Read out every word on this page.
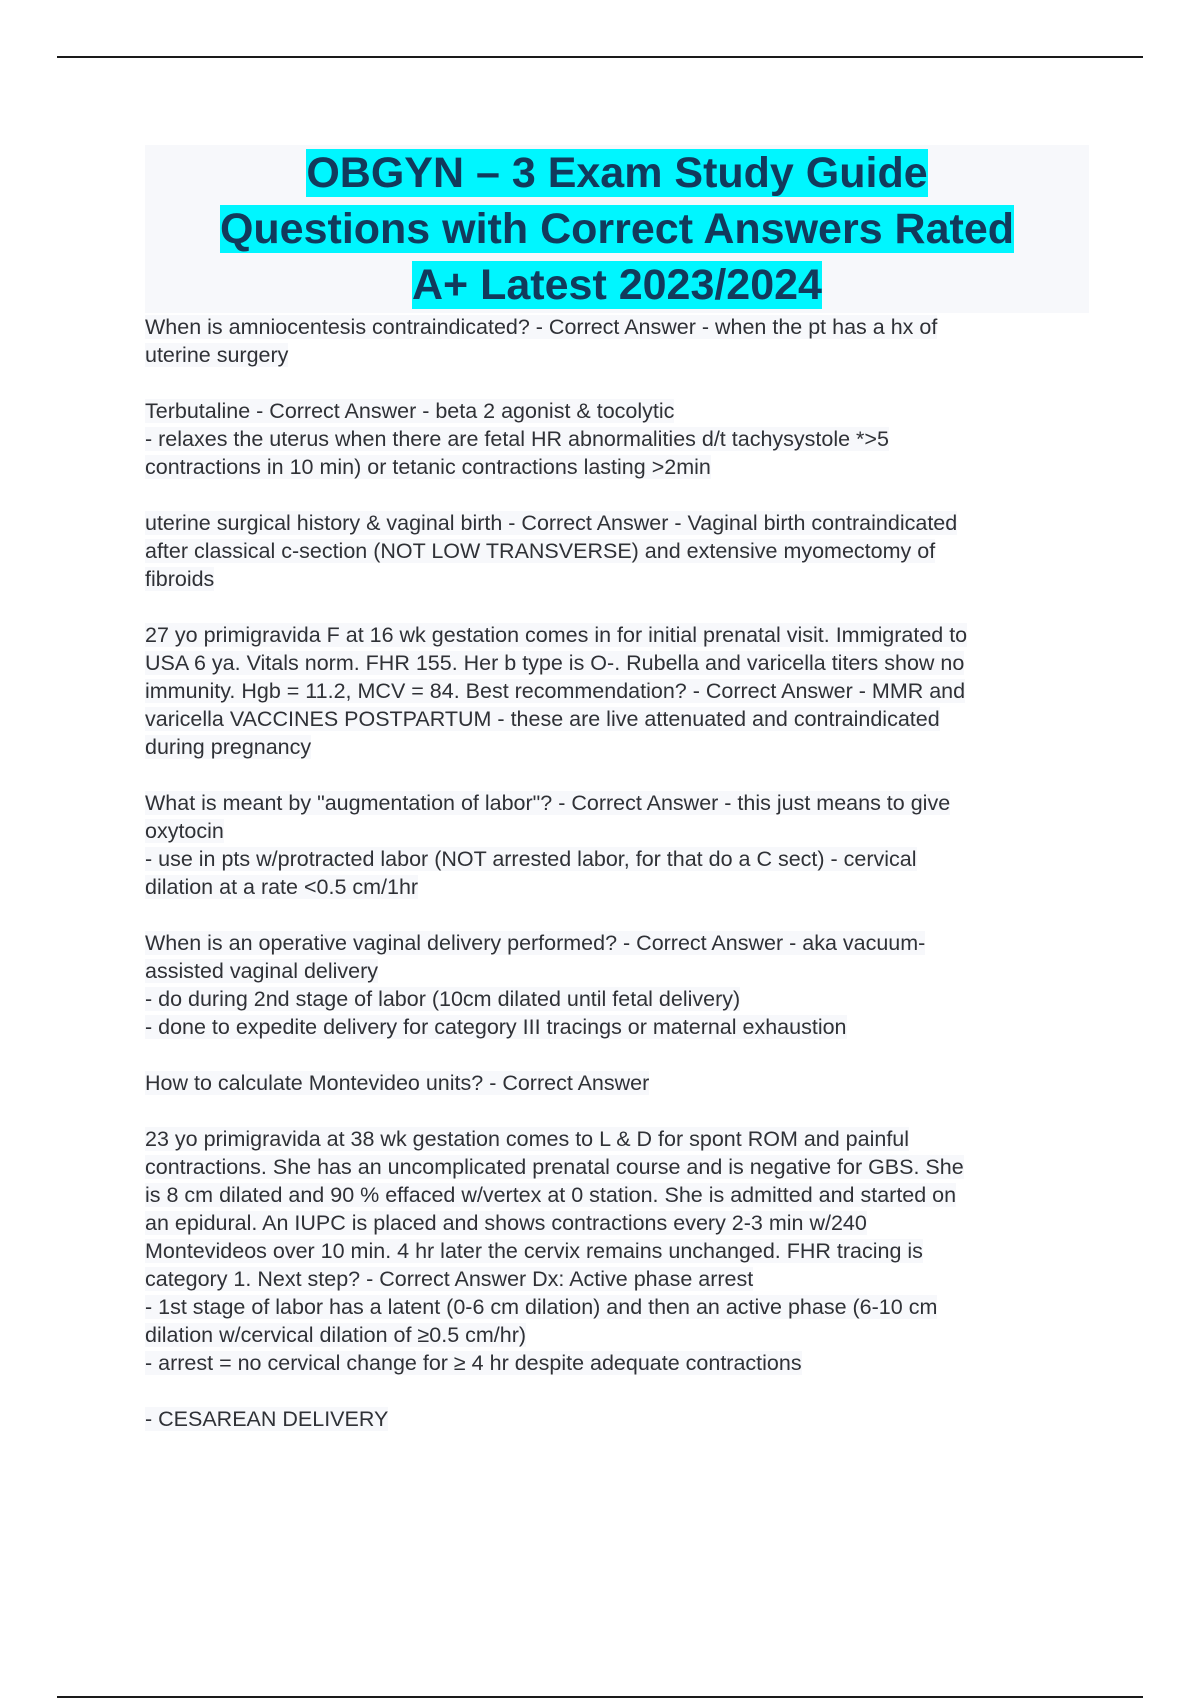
OBGYN – 3 Exam Study Guide
Questions with Correct Answers Rated
A+ Latest 2023/2024
When is amniocentesis contraindicated? - Correct Answer - when the pt has a hx of
uterine surgery
Terbutaline - Correct Answer - beta 2 agonist & tocolytic
- relaxes the uterus when there are fetal HR abnormalities d/t tachysystole *>5
contractions in 10 min) or tetanic contractions lasting >2min
uterine surgical history & vaginal birth - Correct Answer - Vaginal birth contraindicated
after classical c-section (NOT LOW TRANSVERSE) and extensive myomectomy of
fibroids
27 yo primigravida F at 16 wk gestation comes in for initial prenatal visit. Immigrated to
USA 6 ya. Vitals norm. FHR 155. Her b type is O-. Rubella and varicella titers show no
immunity. Hgb = 11.2, MCV = 84. Best recommendation? - Correct Answer - MMR and
varicella VACCINES POSTPARTUM - these are live attenuated and contraindicated
during pregnancy
What is meant by "augmentation of labor"? - Correct Answer - this just means to give
oxytocin
- use in pts w/protracted labor (NOT arrested labor, for that do a C sect) - cervical
dilation at a rate <0.5 cm/1hr
When is an operative vaginal delivery performed? - Correct Answer - aka vacuum-
assisted vaginal delivery
- do during 2nd stage of labor (10cm dilated until fetal delivery)
- done to expedite delivery for category III tracings or maternal exhaustion
How to calculate Montevideo units? - Correct Answer
23 yo primigravida at 38 wk gestation comes to L & D for spont ROM and painful
contractions. She has an uncomplicated prenatal course and is negative for GBS. She
is 8 cm dilated and 90 % effaced w/vertex at 0 station. She is admitted and started on
an epidural. An IUPC is placed and shows contractions every 2-3 min w/240
Montevideos over 10 min. 4 hr later the cervix remains unchanged. FHR tracing is
category 1. Next step? - Correct Answer Dx: Active phase arrest
- 1st stage of labor has a latent (0-6 cm dilation) and then an active phase (6-10 cm
dilation w/cervical dilation of ≥0.5 cm/hr)
- arrest = no cervical change for ≥ 4 hr despite adequate contractions
- CESAREAN DELIVERY
